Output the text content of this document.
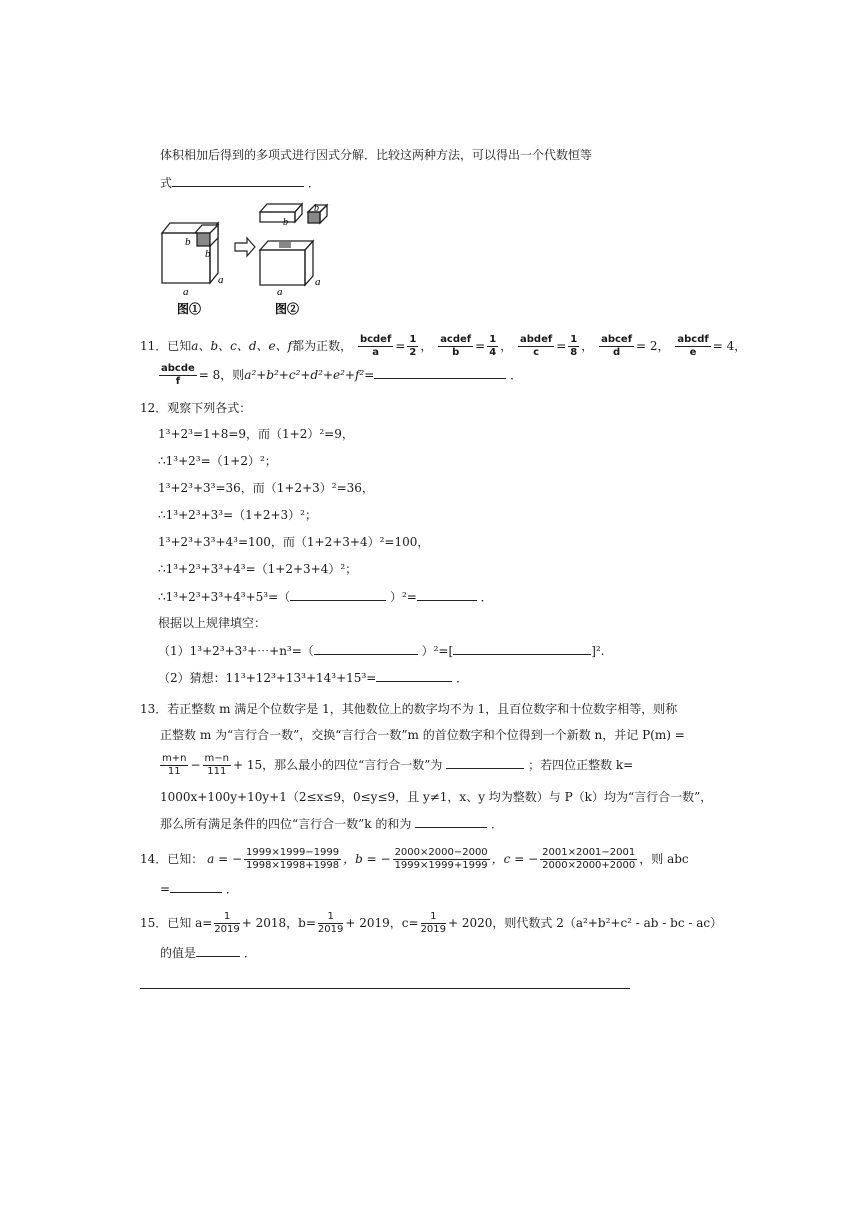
体积相加后得到的多项式进行因式分解．比较这两种方法，可以得出一个代数恒等
式	．
b
b
a
a
b
b
a
a
图①	图②
11．已知a、b、c、d、e、f都为正数， $\frac{\text{bcdef}}{a} = \frac{1}{2}$ ， $\frac{\text{acdef}}{b} = \frac{1}{4}$ ， $\frac{\text{abdef}}{c} = \frac{1}{8}$ ， $\frac{\text{abcef}}{d} = 2$， $\frac{\text{abcdf}}{e} = 4$，
$\frac{\text{abcde}}{f} = 8$，则a²+b²+c²+d²+e²+f²=	．
12．观察下列各式：
1³+2³=1+8=9，而（1+2）²=9，
∴1³+2³=（1+2）²；
1³+2³+3³=36，而（1+2+3）²=36，
∴1³+2³+3³=（1+2+3）²；
1³+2³+3³+4³=100，而（1+2+3+4）²=100，
∴1³+2³+3³+4³=（1+2+3+4）²；
∴1³+2³+3³+4³+5³=（	）²=	．
根据以上规律填空：
（1）1³+2³+3³+⋯+n³=（	）²=[	]².
（2）猜想：11³+12³+13³+14³+15³=	．
13．若正整数 m 满足个位数字是 1，其他数位上的数字均不为 1，且百位数字和十位数字相等，则称
正整数 m 为“言行合一数”，交换“言行合一数”m 的首位数字和个位得到一个新数 n，并记 P(m) =
$\frac{m+n}{11} - \frac{m-n}{111} + 15$，那么最小的四位“言行合一数”为	；若四位正整数 k=
1000x+100y+10y+1（2≤x≤9，0≤y≤9，且 y≠1，x、y 均为整数）与 P（k）均为“言行合一数”，
那么所有满足条件的四位“言行合一数”k 的和为	．
14．已知： a = − $\frac{1999\times 1999-1999}{1998\times 1998+1998}$ ，b = − $\frac{2000\times 2000-2000}{1999\times 1999+1999}$ ，c = − $\frac{2001\times 2001-2001}{2000\times 2000+2000}$ ，则 abc
=	．
15．已知 $a= \frac{1}{2019} + 2018$，$b= \frac{1}{2019} + 2019$，$c= \frac{1}{2019} + 2020$，则代数式 2（a²+b²+c² - ab - bc - ac）
的值是	．
